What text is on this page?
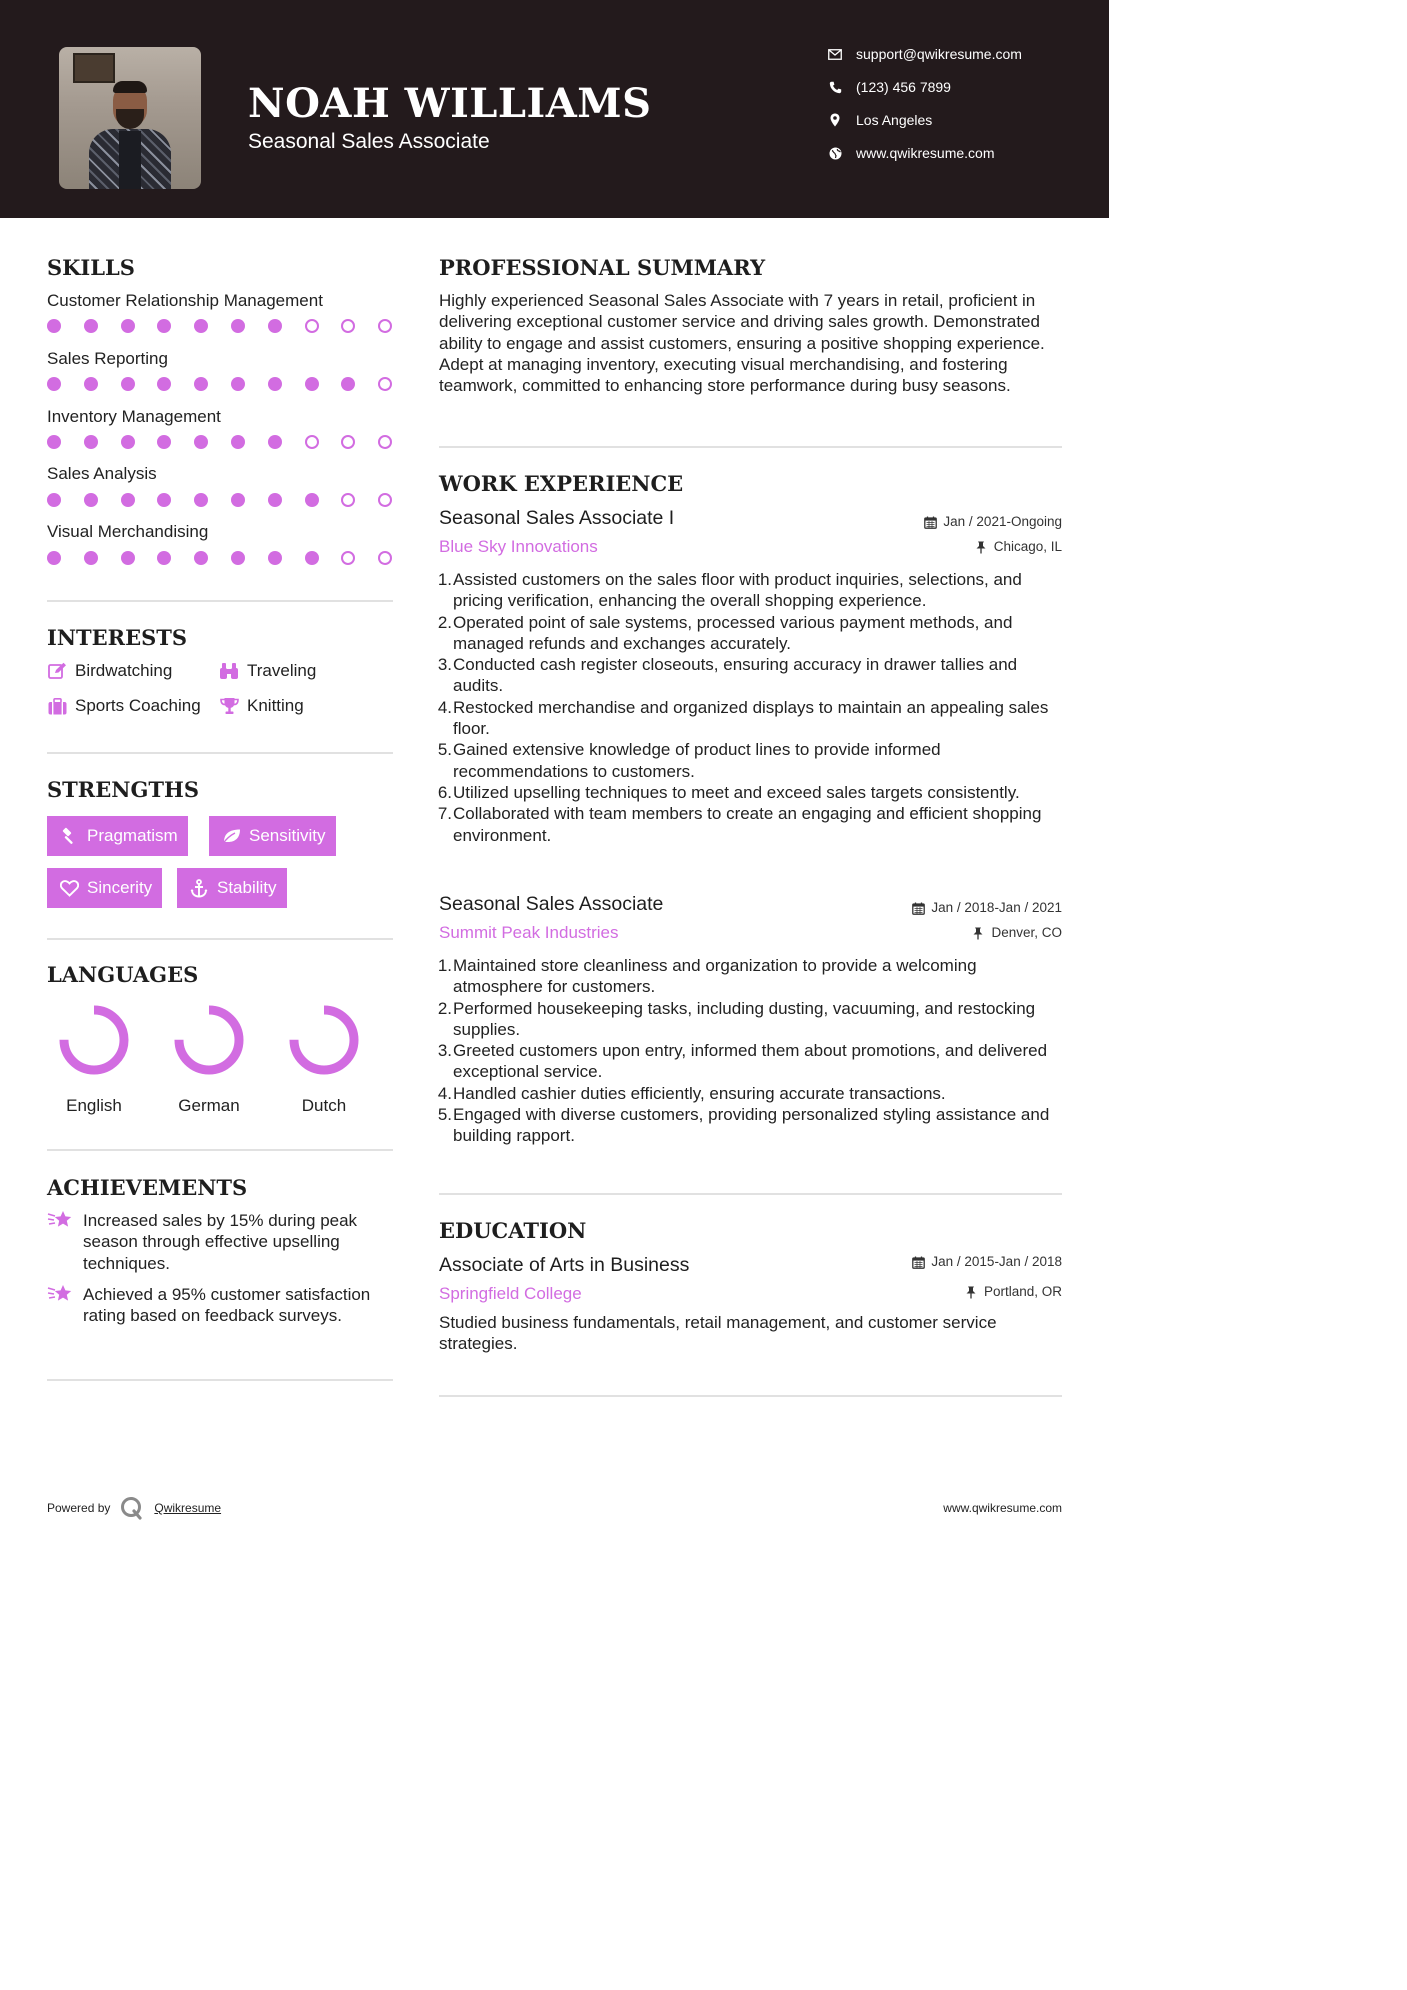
NOAH WILLIAMS
Seasonal Sales Associate
support@qwikresume.com
(123) 456 7899
Los Angeles
www.qwikresume.com
SKILLS
Customer Relationship Management
Sales Reporting
Inventory Management
Sales Analysis
Visual Merchandising
INTERESTS
Birdwatching	Traveling
Sports Coaching	Knitting
STRENGTHS
Pragmatism	Sensitivity
Sincerity	Stability
LANGUAGES
English	German	Dutch
ACHIEVEMENTS
Increased sales by 15% during peak season through effective upselling techniques.
Achieved a 95% customer satisfaction rating based on feedback surveys.
PROFESSIONAL SUMMARY

Highly experienced Seasonal Sales Associate with 7 years in retail, proficient in delivering exceptional customer service and driving sales growth. Demonstrated ability to engage and assist customers, ensuring a positive shopping experience. Adept at managing inventory, executing visual merchandising, and fostering teamwork, committed to enhancing store performance during busy seasons.

WORK EXPERIENCE
Seasonal Sales Associate I	Jan / 2021-Ongoing
Blue Sky Innovations	Chicago, IL
1. Assisted customers on the sales floor with product inquiries, selections, and pricing verification, enhancing the overall shopping experience.
2. Operated point of sale systems, processed various payment methods, and managed refunds and exchanges accurately.
3. Conducted cash register closeouts, ensuring accuracy in drawer tallies and audits.
4. Restocked merchandise and organized displays to maintain an appealing sales floor.
5. Gained extensive knowledge of product lines to provide informed recommendations to customers.
6. Utilized upselling techniques to meet and exceed sales targets consistently.
7. Collaborated with team members to create an engaging and efficient shopping environment.
Seasonal Sales Associate	Jan / 2018-Jan / 2021
Summit Peak Industries	Denver, CO
1. Maintained store cleanliness and organization to provide a welcoming atmosphere for customers.
2. Performed housekeeping tasks, including dusting, vacuuming, and restocking supplies.
3. Greeted customers upon entry, informed them about promotions, and delivered exceptional service.
4. Handled cashier duties efficiently, ensuring accurate transactions.
5. Engaged with diverse customers, providing personalized styling assistance and building rapport.
EDUCATION
Associate of Arts in Business	Jan / 2015-Jan / 2018
Springfield College	Portland, OR

Studied business fundamentals, retail management, and customer service strategies.

Powered by	Qwikresume	www.qwikresume.com
